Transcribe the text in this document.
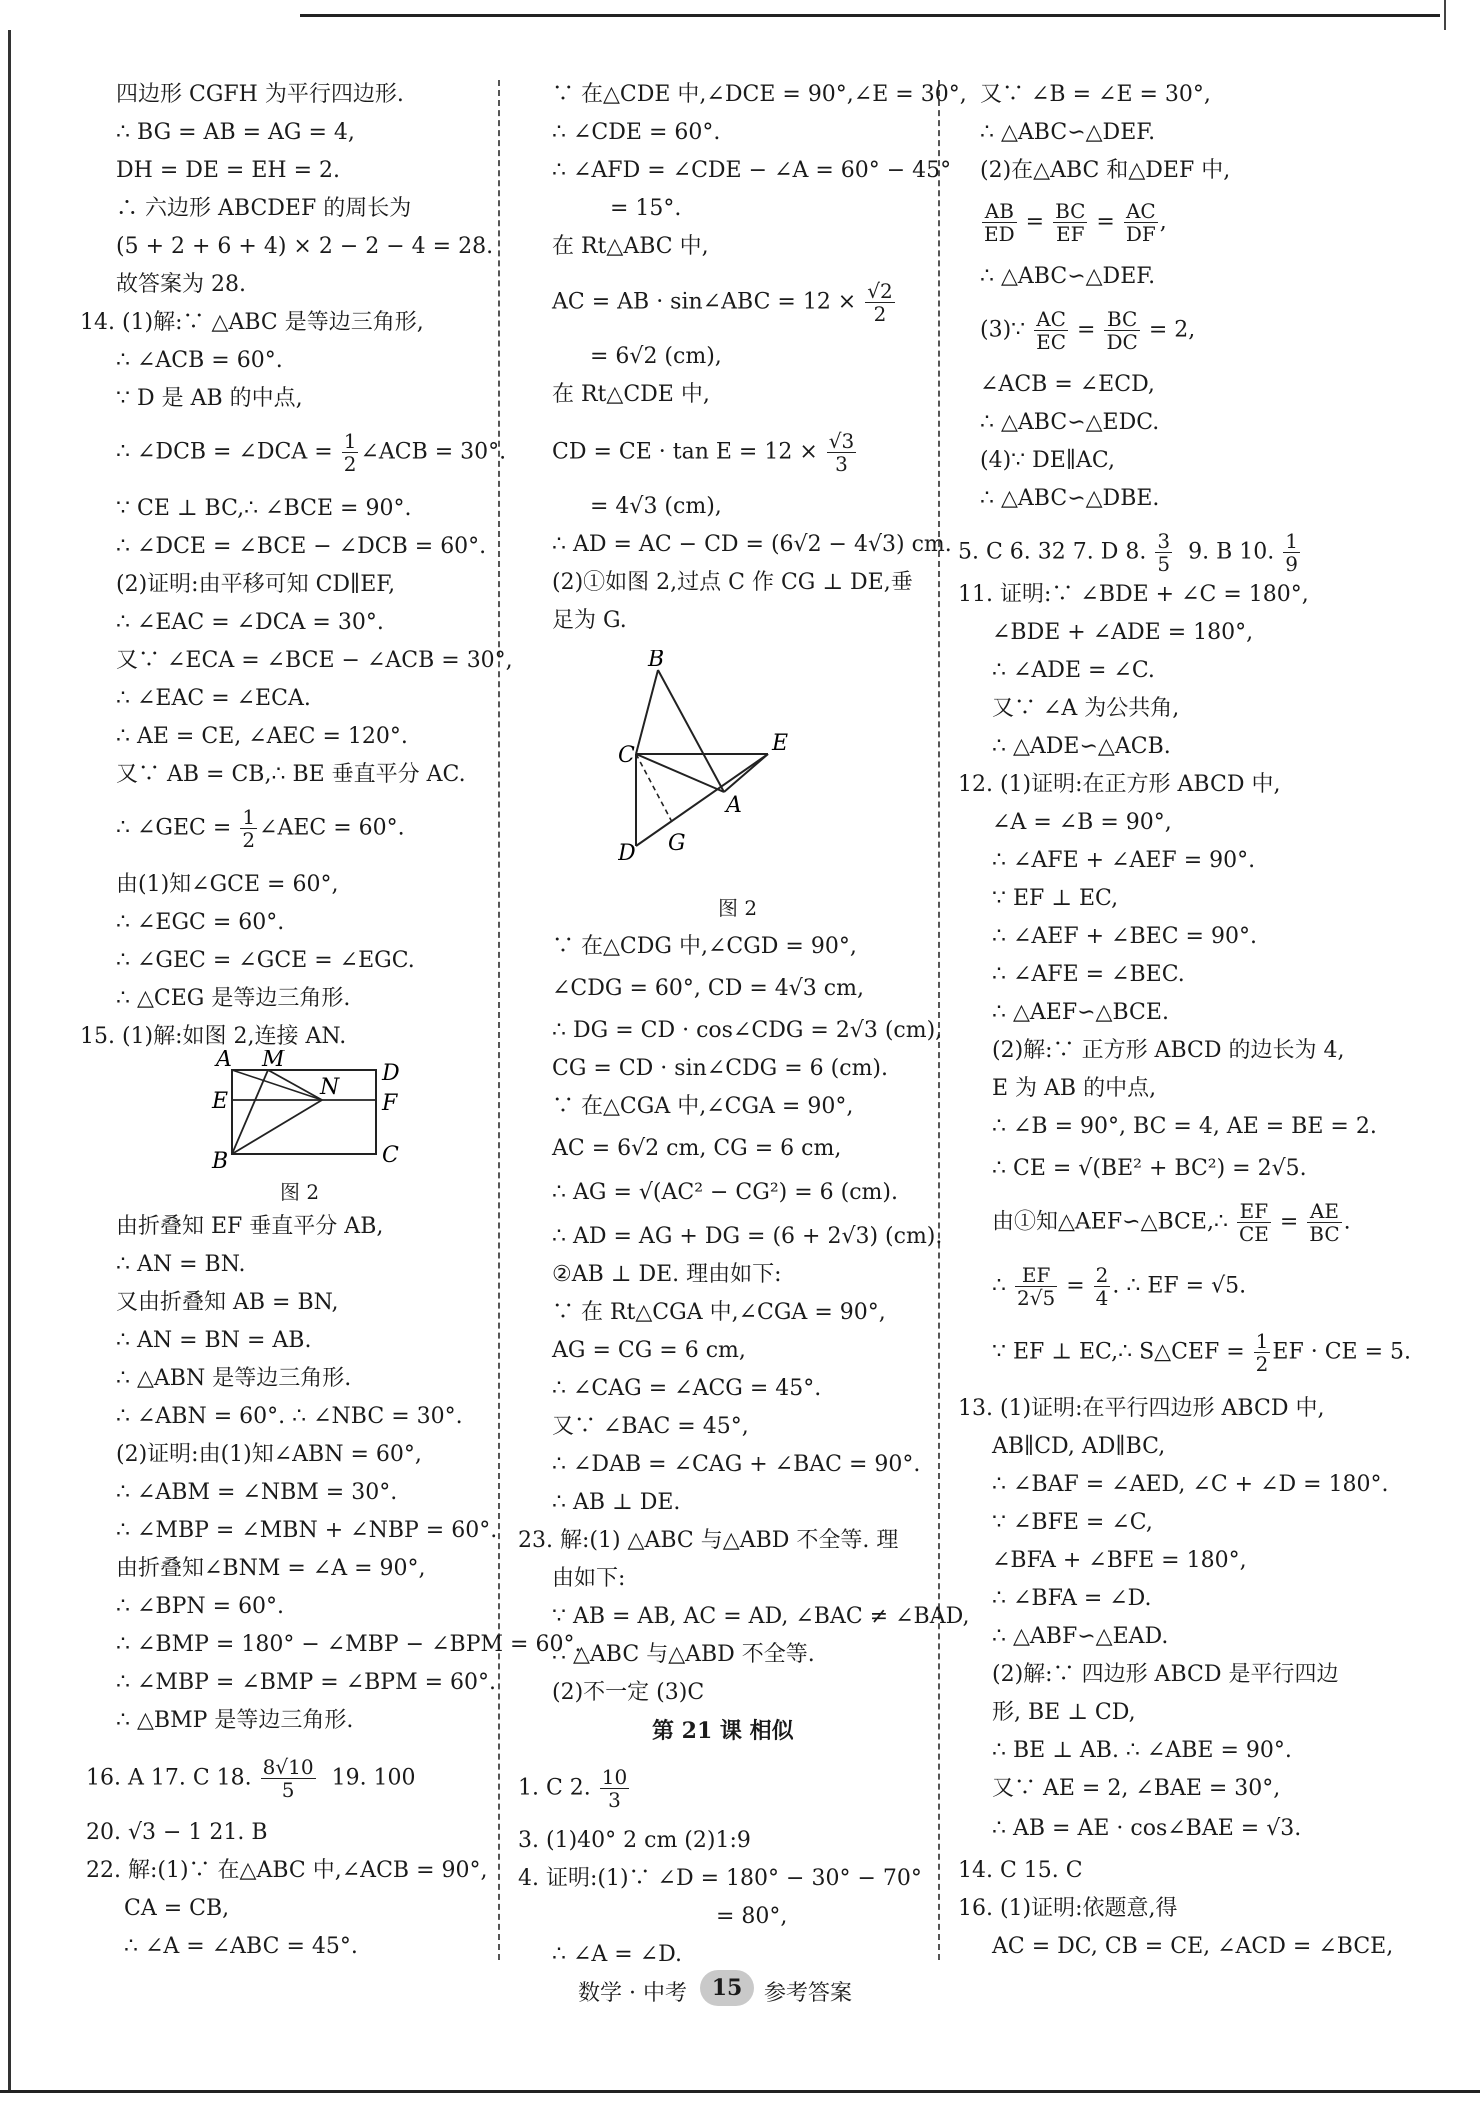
四边形 CGFH 为平行四边形.
∴ BG = AB = AG = 4,
DH = DE = EH = 2.
∴ 六边形 ABCDEF 的周长为
(5 + 2 + 6 + 4) × 2 − 2 − 4 = 28.
故答案为 28.
14. (1)解:∵ △ABC 是等边三角形,
∴ ∠ACB = 60°.
∵ D 是 AB 的中点,
∴ ∠DCB = ∠DCA = $\frac{1}{2}$ ∠ACB = 30°.
∵ CE ⊥ BC,∴ ∠BCE = 90°.
∴ ∠DCE = ∠BCE − ∠DCB = 60°.
(2)证明:由平移可知 CD∥EF,
∴ ∠EAC = ∠DCA = 30°.
又∵ ∠ECA = ∠BCE − ∠ACB = 30°,
∴ ∠EAC = ∠ECA.
∴ AE = CE, ∠AEC = 120°.
又∵ AB = CB,∴ BE 垂直平分 AC.
∴ ∠GEC = $\frac{1}{2}$ ∠AEC = 60°.
由(1)知∠GCE = 60°,
∴ ∠EGC = 60°.
∴ ∠GEC = ∠GCE = ∠EGC.
∴ △CEG 是等边三角形.
15. (1)解:如图 2,连接 AN.
A M
D
E
N
F
B	C
图 2
由折叠知 EF 垂直平分 AB,
∴ AN = BN.
又由折叠知 AB = BN,
∴ AN = BN = AB.
∴ △ABN 是等边三角形.
∴ ∠ABN = 60°. ∴ ∠NBC = 30°.
(2)证明:由(1)知∠ABN = 60°,
∴ ∠ABM = ∠NBM = 30°.
∴ ∠MBP = ∠MBN + ∠NBP = 60°.
由折叠知∠BNM = ∠A = 90°,
∴ ∠BPN = 60°.
∴ ∠BMP = 180° − ∠MBP − ∠BPM = 60°.
∴ ∠MBP = ∠BMP = ∠BPM = 60°.
∴ △BMP 是等边三角形.
16. A 17. C 18. $\frac{8√10}{5} 19$. 100
20. √3 − 1 21. B
22. 解:(1)∵ 在△ABC 中,∠ACB = 90°,
CA = CB,
∴ ∠A = ∠ABC = 45°.
∵ 在△CDE 中,∠DCE = 90°,∠E = 30°,
∴ ∠CDE = 60°.
∴ ∠AFD = ∠CDE − ∠A = 60° − 45°
= 15°.
在 Rt△ABC 中,
AC = AB · sin∠ABC = $12 \times \frac{√2}{2}$
= 6√2 (cm),
在 Rt△CDE 中,
CD = CE · $\tan E = 12 \times \frac{√3}{3}$
= 4√3 (cm),
∴ AD = AC − CD = (6√2 − 4√3) cm.
(2)①如图 2,过点 C 作 CG ⊥ DE,垂
足为 G.
B
C	E
A
D G
图 2
∵ 在△CDG 中,∠CGD = 90°,
∠CDG = 60°, CD = 4√3 cm,
∴ DG = CD · cos∠CDG = 2√3 (cm),
CG = CD · sin∠CDG = 6 (cm).
∵ 在△CGA 中,∠CGA = 90°,
AC = 6√2 cm, CG = 6 cm,
∴ AG = √(AC² − CG²) = 6 (cm).
∴ AD = AG + DG = (6 + 2√3) (cm).
②AB ⊥ DE. 理由如下:
∵ 在 Rt△CGA 中,∠CGA = 90°,
AG = CG = 6 cm,
∴ ∠CAG = ∠ACG = 45°.
又∵ ∠BAC = 45°,
∴ ∠DAB = ∠CAG + ∠BAC = 90°.
∴ AB ⊥ DE.
23. 解:(1) △ABC 与△ABD 不全等. 理
由如下:
∵ AB = AB, AC = AD, ∠BAC ≠ ∠BAD,
∴ △ABC 与△ABD 不全等.
(2)不一定 (3)C
第 21 课 相似
1. C 2. $\frac{10}{3}$
3. (1)40° 2 cm (2)1:9
4. 证明:(1)∵ ∠D = 180° − 30° − 70°
= 80°,
∴ ∠A = ∠D.
又∵ ∠B = ∠E = 30°,
∴ △ABC∽△DEF.
(2)在△ABC 和△DEF 中,
$\frac{AB}{ED} = \frac{BC}{EF} = \frac{AC}{DF}$ ,
∴ △ABC∽△DEF.
(3)∵ $\frac{AC}{EC} = \frac{BC}{DC} = 2$,
∠ACB = ∠ECD,
∴ △ABC∽△EDC.
(4)∵ DE∥AC,
∴ △ABC∽△DBE.
5. C 6. 32 7. D 8. $\frac{3}{5} 9$. B 10. $\frac{1}{9}$
11. 证明:∵ ∠BDE + ∠C = 180°,
∠BDE + ∠ADE = 180°,
∴ ∠ADE = ∠C.
又∵ ∠A 为公共角,
∴ △ADE∽△ACB.
12. (1)证明:在正方形 ABCD 中,
∠A = ∠B = 90°,
∴ ∠AFE + ∠AEF = 90°.
∵ EF ⊥ EC,
∴ ∠AEF + ∠BEC = 90°.
∴ ∠AFE = ∠BEC.
∴ △AEF∽△BCE.
(2)解:∵ 正方形 ABCD 的边长为 4,
E 为 AB 的中点,
∴ ∠B = 90°, BC = 4, AE = BE = 2.
∴ CE = √(BE² + BC²) = 2√5.
由①知△AEF∽△BCE,∴ $\frac{EF}{CE} = \frac{AE}{BC}$ .
∴ $\frac{EF}{2√5} = \frac{2}{4}$ . ∴ EF = √5.
∵ EF ⊥ EC,∴ S△CEF = $\frac{1}{2}$ EF · CE = 5.
13. (1)证明:在平行四边形 ABCD 中,
AB∥CD, AD∥BC,
∴ ∠BAF = ∠AED, ∠C + ∠D = 180°.
∵ ∠BFE = ∠C,
∠BFA + ∠BFE = 180°,
∴ ∠BFA = ∠D.
∴ △ABF∽△EAD.
(2)解:∵ 四边形 ABCD 是平行四边
形, BE ⊥ CD,
∴ BE ⊥ AB. ∴ ∠ABE = 90°.
又∵ AE = 2, ∠BAE = 30°,
∴ AB = AE · cos∠BAE = √3.
14. C 15. C
16. (1)证明:依题意,得
AC = DC, CB = CE, ∠ACD = ∠BCE,
数学 · 中考	15 参考答案
